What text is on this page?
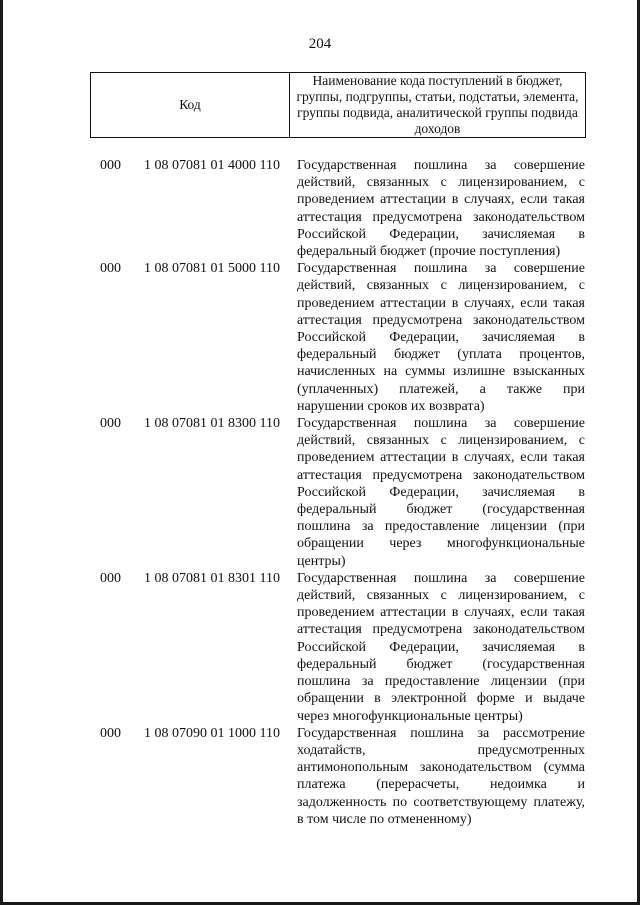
204
Код	Наименование кода поступлений в бюджет, группы, подгруппы, статьи, подстатьи, элемента, группы подвида, аналитической группы подвида доходов
000	1 08 07081 01 4000 110	Государственная пошлина за совершение действий, связанных с лицензированием, с проведением аттестации в случаях, если такая аттестация предусмотрена законодательством Российской Федерации, зачисляемая в федеральный бюджет (прочие поступления)
000	1 08 07081 01 5000 110	Государственная пошлина за совершение действий, связанных с лицензированием, с проведением аттестации в случаях, если такая аттестация предусмотрена законодательством Российской Федерации, зачисляемая в федеральный бюджет (уплата процентов, начисленных на суммы излишне взысканных (уплаченных) платежей, а также при нарушении сроков их возврата)
000	1 08 07081 01 8300 110	Государственная пошлина за совершение действий, связанных с лицензированием, с проведением аттестации в случаях, если такая аттестация предусмотрена законодательством Российской Федерации, зачисляемая в федеральный бюджет (государственная пошлина за предоставление лицензии (при обращении через многофункциональные центры)
000	1 08 07081 01 8301 110	Государственная пошлина за совершение действий, связанных с лицензированием, с проведением аттестации в случаях, если такая аттестация предусмотрена законодательством Российской Федерации, зачисляемая в федеральный бюджет (государственная пошлина за предоставление лицензии (при обращении в электронной форме и выдаче через многофункциональные центры)
000	1 08 07090 01 1000 110	Государственная пошлина за рассмотрение ходатайств, предусмотренных антимонопольным законодательством (сумма платежа (перерасчеты, недоимка и задолженность по соответствующему платежу, в том числе по отмененному)
